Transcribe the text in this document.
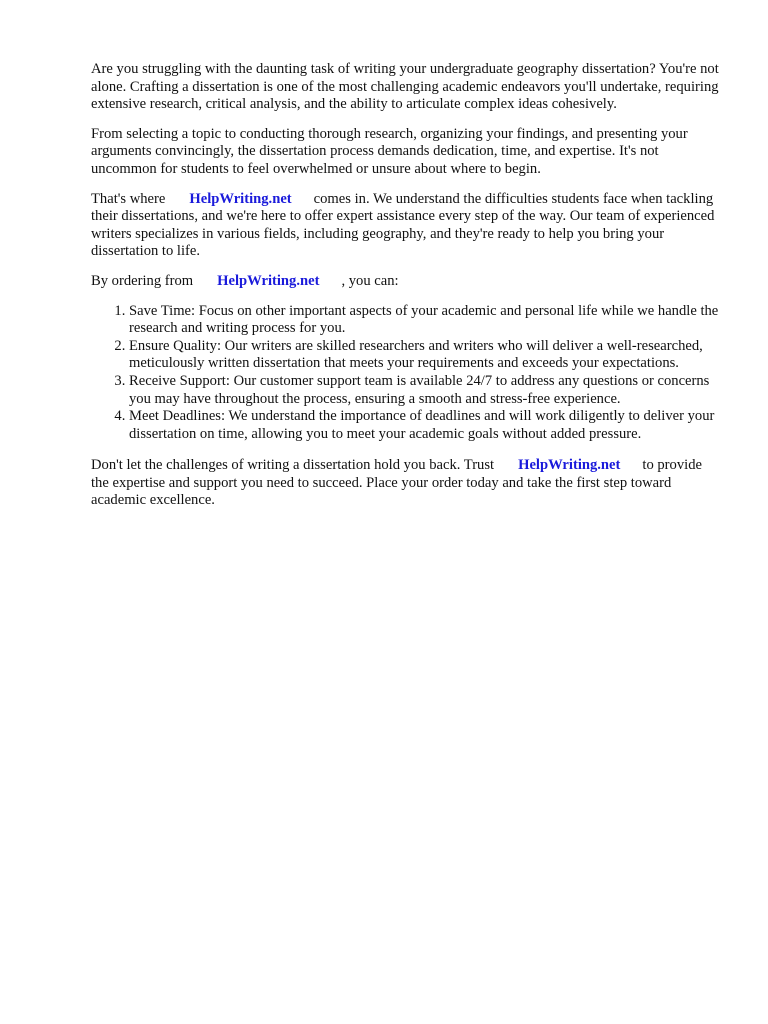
Are you struggling with the daunting task of writing your undergraduate geography dissertation? You're not alone. Crafting a dissertation is one of the most challenging academic endeavors you'll undertake, requiring extensive research, critical analysis, and the ability to articulate complex ideas cohesively.

From selecting a topic to conducting thorough research, organizing your findings, and presenting your arguments convincingly, the dissertation process demands dedication, time, and expertise. It's not uncommon for students to feel overwhelmed or unsure about where to begin.

That's where HelpWriting.net comes in. We understand the difficulties students face when tackling their dissertations, and we're here to offer expert assistance every step of the way. Our team of experienced writers specializes in various fields, including geography, and they're ready to help you bring your dissertation to life.

By ordering from HelpWriting.net , you can:

1. Save Time: Focus on other important aspects of your academic and personal life while we handle the research and writing process for you.
2. Ensure Quality: Our writers are skilled researchers and writers who will deliver a well-researched, meticulously written dissertation that meets your requirements and exceeds your expectations.
3. Receive Support: Our customer support team is available 24/7 to address any questions or concerns you may have throughout the process, ensuring a smooth and stress-free experience.
4. Meet Deadlines: We understand the importance of deadlines and will work diligently to deliver your dissertation on time, allowing you to meet your academic goals without added pressure.

Don't let the challenges of writing a dissertation hold you back. Trust HelpWriting.net to provide the expertise and support you need to succeed. Place your order today and take the first step toward academic excellence.
